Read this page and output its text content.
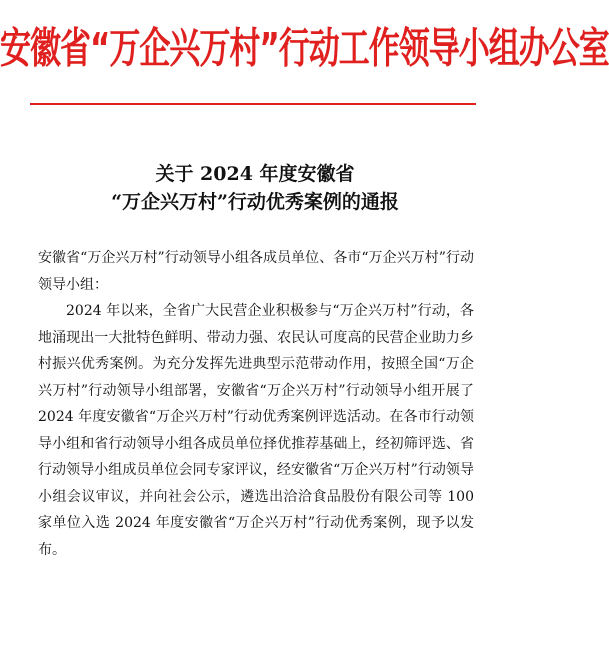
安徽省“万企兴万村”行动工作领导小组办公室
关于 2024 年度安徽省
“万企兴万村”行动优秀案例的通报

安徽省“万企兴万村”行动领导小组各成员单位、各市“万企兴万村”行动领导小组：

2024 年以来，全省广大民营企业积极参与“万企兴万村”行动，各地涌现出一大批特色鲜明、带动力强、农民认可度高的民营企业助力乡村振兴优秀案例。为充分发挥先进典型示范带动作用，按照全国“万企兴万村”行动领导小组部署，安徽省“万企兴万村”行动领导小组开展了 2024 年度安徽省“万企兴万村”行动优秀案例评选活动。在各市行动领导小组和省行动领导小组各成员单位择优推荐基础上，经初筛评选、省行动领导小组成员单位会同专家评议，经安徽省“万企兴万村”行动领导小组会议审议，并向社会公示，遴选出洽洽食品股份有限公司等 100 家单位入选 2024 年度安徽省“万企兴万村”行动优秀案例，现予以发布。
